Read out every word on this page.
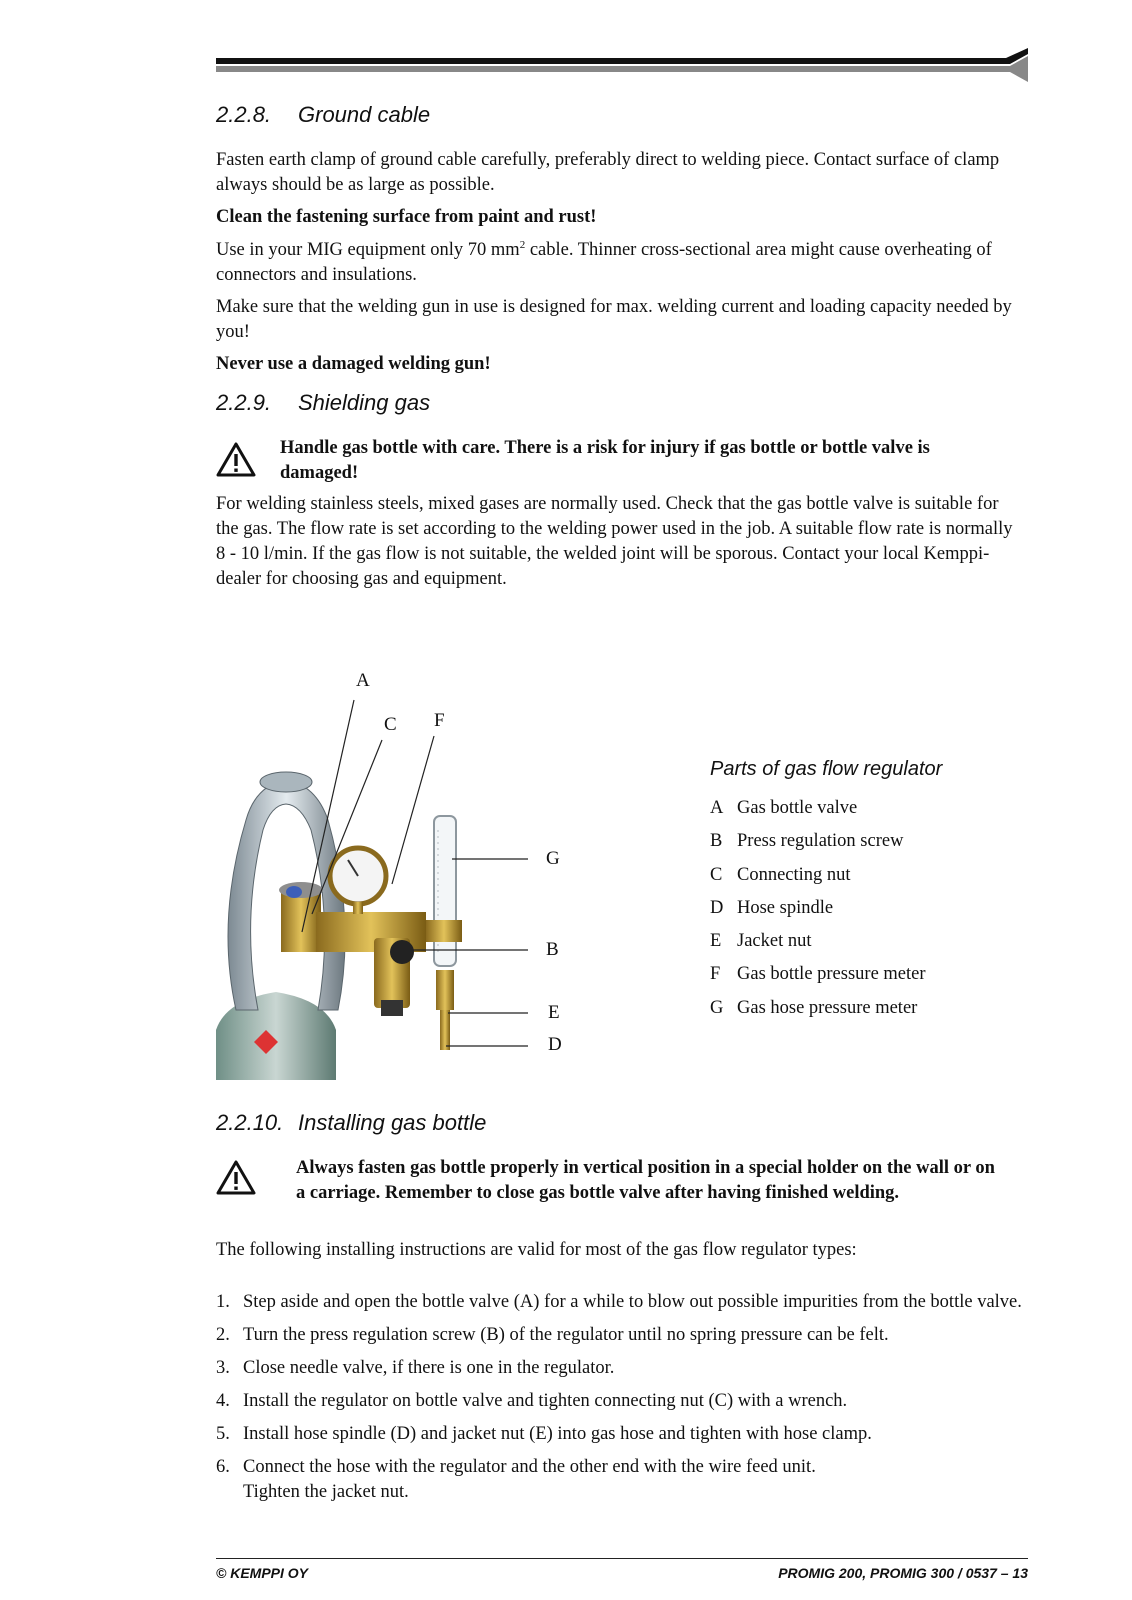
2.2.8. Ground cable

Fasten earth clamp of ground cable carefully, preferably direct to welding piece. Contact surface of clamp always should be as large as possible.

Clean the fastening surface from paint and rust!

Use in your MIG equipment only 70 $mm^2$ cable. Thinner cross-sectional area might cause overheating of connectors and insulations.

Make sure that the welding gun in use is designed for max. welding current and loading capacity needed by you!

Never use a damaged welding gun!

2.2.9. Shielding gas
Handle gas bottle with care. There is a risk for injury if gas bottle or bottle valve is damaged!

For welding stainless steels, mixed gases are normally used. Check that the gas bottle valve is suitable for the gas. The flow rate is set according to the welding power used in the job. A suitable flow rate is normally 8 - 10 l/min. If the gas flow is not suitable, the welded joint will be sporous. Contact your local Kemppi-dealer for choosing gas and equipment.

Parts of gas flow regulator
A Gas bottle valve
B Press regulation screw
C Connecting nut
D Hose spindle
E Jacket nut
F Gas bottle pressure meter
G Gas hose pressure meter
2.2.10. Installing gas bottle
Always fasten gas bottle properly in vertical position in a special holder on the wall or on a carriage. Remember to close gas bottle valve after having finished welding.

The following installing instructions are valid for most of the gas flow regulator types:

1. Step aside and open the bottle valve (A) for a while to blow out possible impurities from the bottle valve.
2. Turn the press regulation screw (B) of the regulator until no spring pressure can be felt.
3. Close needle valve, if there is one in the regulator.
4. Install the regulator on bottle valve and tighten connecting nut (C) with a wrench.
5. Install hose spindle (D) and jacket nut (E) into gas hose and tighten with hose clamp.
6. Connect the hose with the regulator and the other end with the wire feed unit.
Tighten the jacket nut.
A
C F
G
B
E
D
© KEMPPI OY	PROMIG 200, PROMIG 300 / 0537 – 13
